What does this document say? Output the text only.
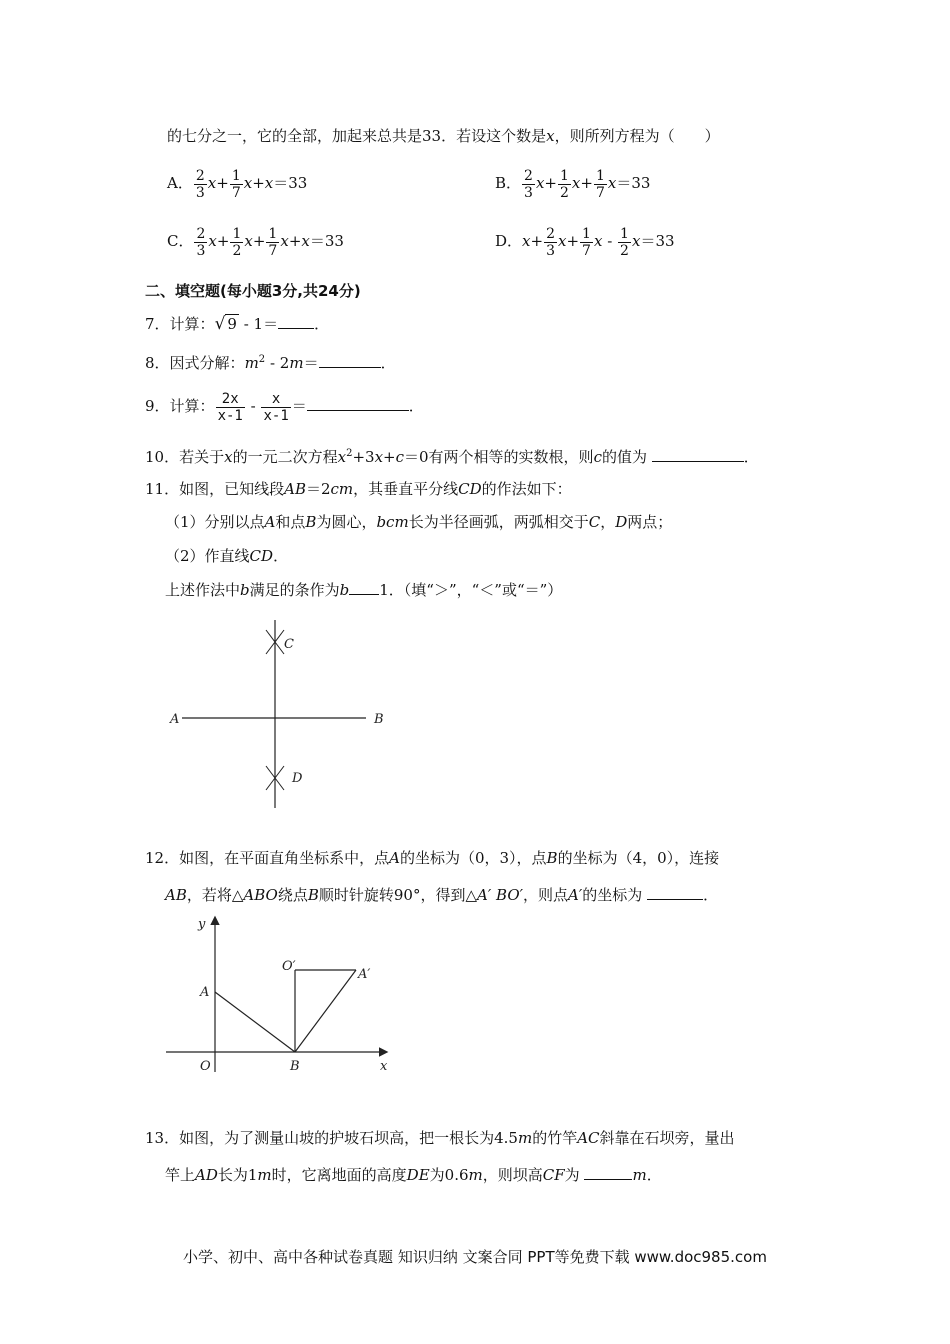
的七分之一，它的全部，加起来总共是33．若设这个数是x，则所列方程为（　　）
A． $\frac{2}{3} x+ \frac{1}{7} x+x=33$	B． $\frac{2}{3} x+ \frac{1}{2} x+ \frac{1}{7} x=33$
C． $\frac{2}{3} x+ \frac{1}{2} x+ \frac{1}{7} x+x=33$	D．$x+ \frac{2}{3} x+ \frac{1}{7}$ $x - \frac{1}{2} x=33$
二、填空题(每小题3分,共24分)
7．计算：√ 9 - 1＝ ．
8．因式分解：$m^2 - 2m=$	．
9．计算： $\frac{2x}{x-1} - \frac{x}{x-1}$ ＝	．
10．若关于x的一元二次方程$x^2+3x+c=0$有两个相等的实数根，则c的值为	．
11．如图，已知线段AB＝2cm，其垂直平分线CD的作法如下：
（1）分别以点A和点B为圆心，bcm长为半径画弧，两弧相交于C，D两点；
（2）作直线CD．
上述作法中b满足的条作为b 1．（填“＞”，“＜”或“＝”）
A	B
C
D
12．如图，在平面直角坐标系中，点A的坐标为（0，3），点B的坐标为（4，0），连接
AB，若将△ABO绕点B顺时针旋转90°，得到△A′ BO′，则点A′的坐标为	．
y
x
A
O	B
O′
A′
13．如图，为了测量山坡的护坡石坝高，把一根长为4.5m的竹竿AC斜靠在石坝旁，量出
竿上AD长为1m时，它离地面的高度DE为0.6m，则坝高CF为	m．
小学、初中、高中各种试卷真题 知识归纳 文案合同 PPT等免费下载 www.doc985.com
